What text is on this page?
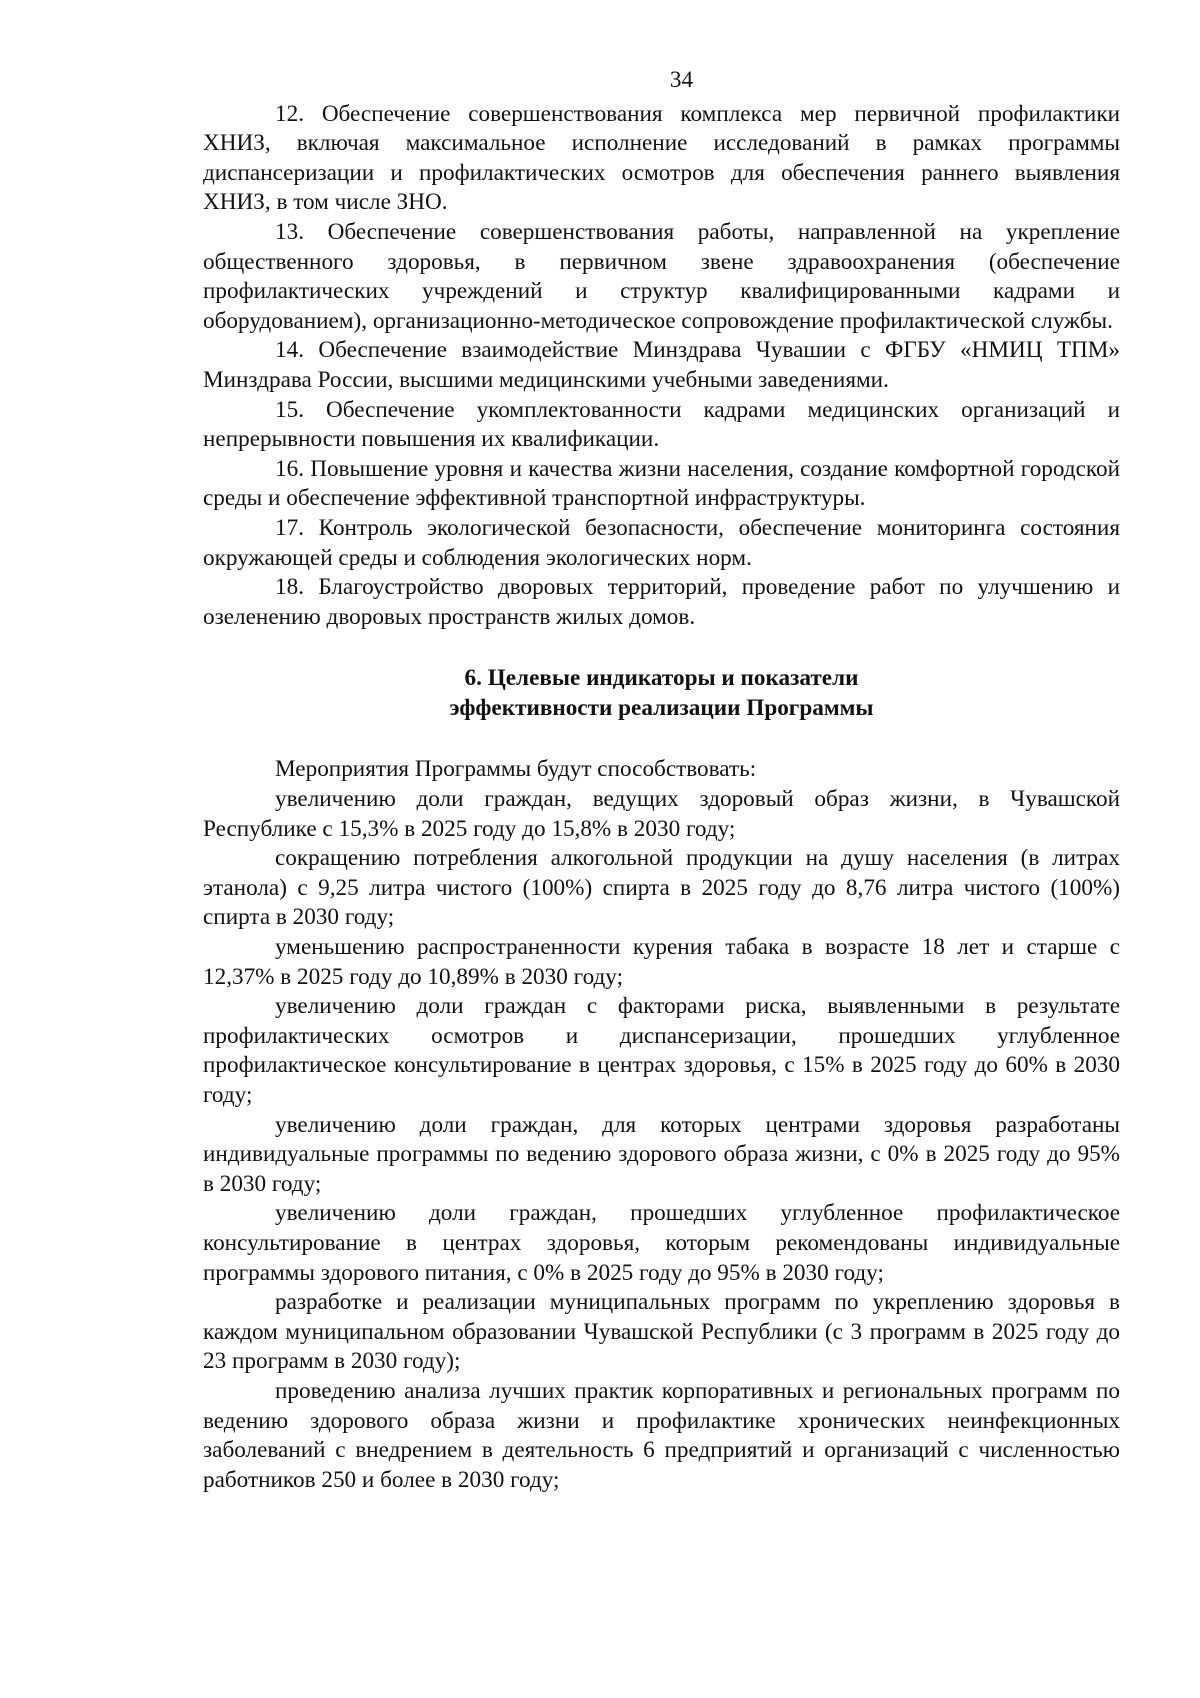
34

12. Обеспечение совершенствования комплекса мер первичной профилактики ХНИЗ, включая максимальное исполнение исследований в рамках программы диспансеризации и профилактических осмотров для обеспечения раннего выявления ХНИЗ, в том числе ЗНО.

13. Обеспечение совершенствования работы, направленной на укрепление общественного здоровья, в первичном звене здравоохранения (обеспечение профилактических учреждений и структур квалифицированными кадрами и оборудованием), организационно-методическое сопровождение профилактической службы.

14. Обеспечение взаимодействие Минздрава Чувашии с ФГБУ «НМИЦ ТПМ» Минздрава России, высшими медицинскими учебными заведениями.

15. Обеспечение укомплектованности кадрами медицинских организаций и непрерывности повышения их квалификации.

16. Повышение уровня и качества жизни населения, создание комфортной городской среды и обеспечение эффективной транспортной инфраструктуры.

17. Контроль экологической безопасности, обеспечение мониторинга состояния окружающей среды и соблюдения экологических норм.

18. Благоустройство дворовых территорий, проведение работ по улучшению и озеленению дворовых пространств жилых домов.

6. Целевые индикаторы и показатели
эффективности реализации Программы

Мероприятия Программы будут способствовать:

увеличению доли граждан, ведущих здоровый образ жизни, в Чувашской Республике с 15,3% в 2025 году до 15,8% в 2030 году;

сокращению потребления алкогольной продукции на душу населения (в литрах этанола) с 9,25 литра чистого (100%) спирта в 2025 году до 8,76 литра чистого (100%) спирта в 2030 году;

уменьшению распространенности курения табака в возрасте 18 лет и старше с 12,37% в 2025 году до 10,89% в 2030 году;

увеличению доли граждан с факторами риска, выявленными в результате профилактических осмотров и диспансеризации, прошедших углубленное профилактическое консультирование в центрах здоровья, с 15% в 2025 году до 60% в 2030 году;

увеличению доли граждан, для которых центрами здоровья разработаны индивидуальные программы по ведению здорового образа жизни, с 0% в 2025 году до 95% в 2030 году;

увеличению доли граждан, прошедших углубленное профилактическое консультирование в центрах здоровья, которым рекомендованы индивидуальные программы здорового питания, с 0% в 2025 году до 95% в 2030 году;

разработке и реализации муниципальных программ по укреплению здоровья в каждом муниципальном образовании Чувашской Республики (с 3 программ в 2025 году до 23 программ в 2030 году);

проведению анализа лучших практик корпоративных и региональных программ по ведению здорового образа жизни и профилактике хронических неинфекционных заболеваний с внедрением в деятельность 6 предприятий и организаций с численностью работников 250 и более в 2030 году;
